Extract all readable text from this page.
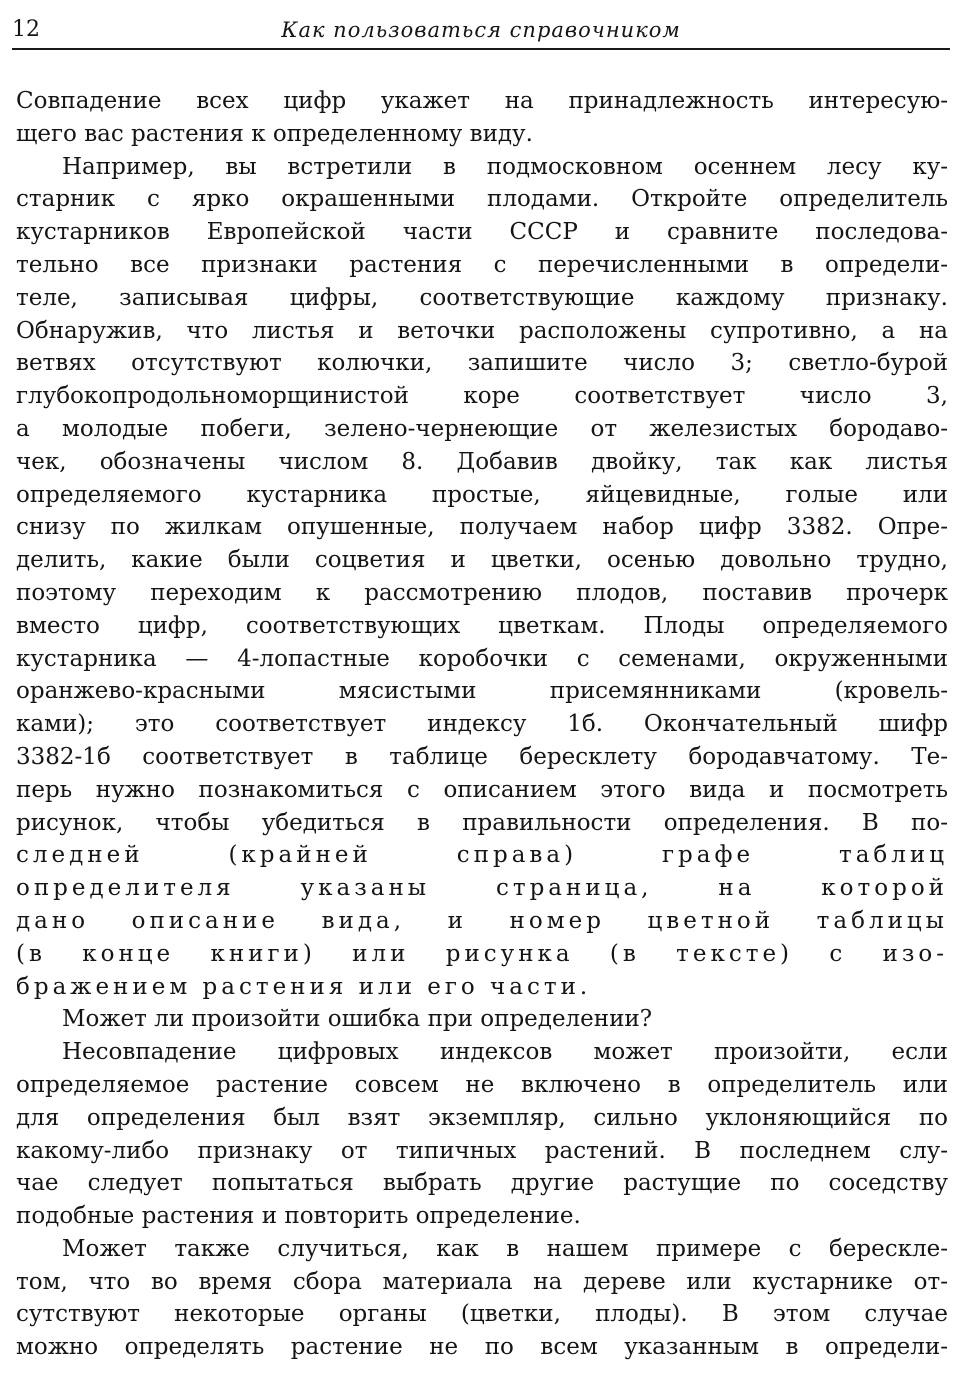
12	Как пользоваться справочником
Совпадение всех цифр укажет на принадлежность интересую-
щего вас растения к определенному виду.
Например, вы встретили в подмосковном осеннем лесу ку-
старник с ярко окрашенными плодами. Откройте определитель
кустарников Европейской части СССР и сравните последова-
тельно все признаки растения с перечисленными в определи-
теле, записывая цифры, соответствующие каждому признаку.
Обнаружив, что листья и веточки расположены супротивно, а на
ветвях отсутствуют колючки, запишите число 3; светло-бурой
глубокопродольноморщинистой коре соответствует число 3,
а молодые побеги, зелено-чернеющие от железистых бородаво-
чек, обозначены числом 8. Добавив двойку, так как листья
определяемого кустарника простые, яйцевидные, голые или
снизу по жилкам опушенные, получаем набор цифр 3382. Опре-
делить, какие были соцветия и цветки, осенью довольно трудно,
поэтому переходим к рассмотрению плодов, поставив прочерк
вместо цифр, соответствующих цветкам. Плоды определяемого
кустарника — 4-лопастные коробочки с семенами, окруженными
оранжево-красными мясистыми присемянниками (кровель-
ками); это соответствует индексу 1б. Окончательный шифр
3382-1б соответствует в таблице бересклету бородавчатому. Те-
перь нужно познакомиться с описанием этого вида и посмотреть
рисунок, чтобы убедиться в правильности определения. В по-
следней (крайней справа) графе таблиц
определителя указаны страница, на которой
дано описание вида, и номер цветной таблицы
(в конце книги) или рисунка (в тексте) с изо-
бражением растения или его части.
Может ли произойти ошибка при определении?
Несовпадение цифровых индексов может произойти, если
определяемое растение совсем не включено в определитель или
для определения был взят экземпляр, сильно уклоняющийся по
какому-либо признаку от типичных растений. В последнем слу-
чае следует попытаться выбрать другие растущие по соседству
подобные растения и повторить определение.
Может также случиться, как в нашем примере с берескле-
том, что во время сбора материала на дереве или кустарнике от-
сутствуют некоторые органы (цветки, плоды). В этом случае
можно определять растение не по всем указанным в определи-
